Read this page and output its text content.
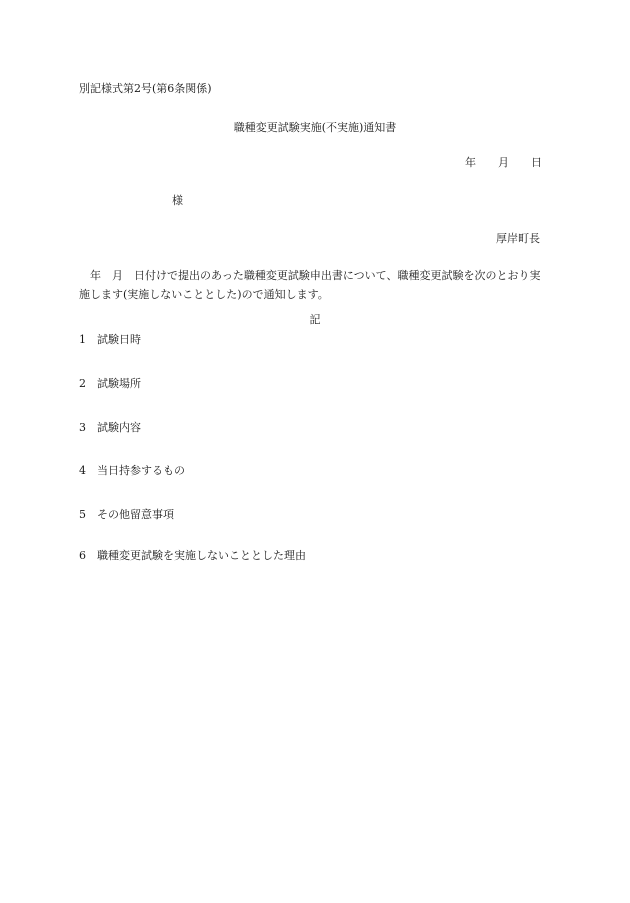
別記様式第2号(第6条関係)
職種変更試験実施(不実施)通知書
年 月 日
様
厚岸町長
年 月 日付けで提出のあった職種変更試験申出書について、職種変更試験を次のとおり実施します(実施しないこととした)ので通知します。
記
1 試験日時
2 試験場所
3 試験内容
4 当日持参するもの
5 その他留意事項
6 職種変更試験を実施しないこととした理由
